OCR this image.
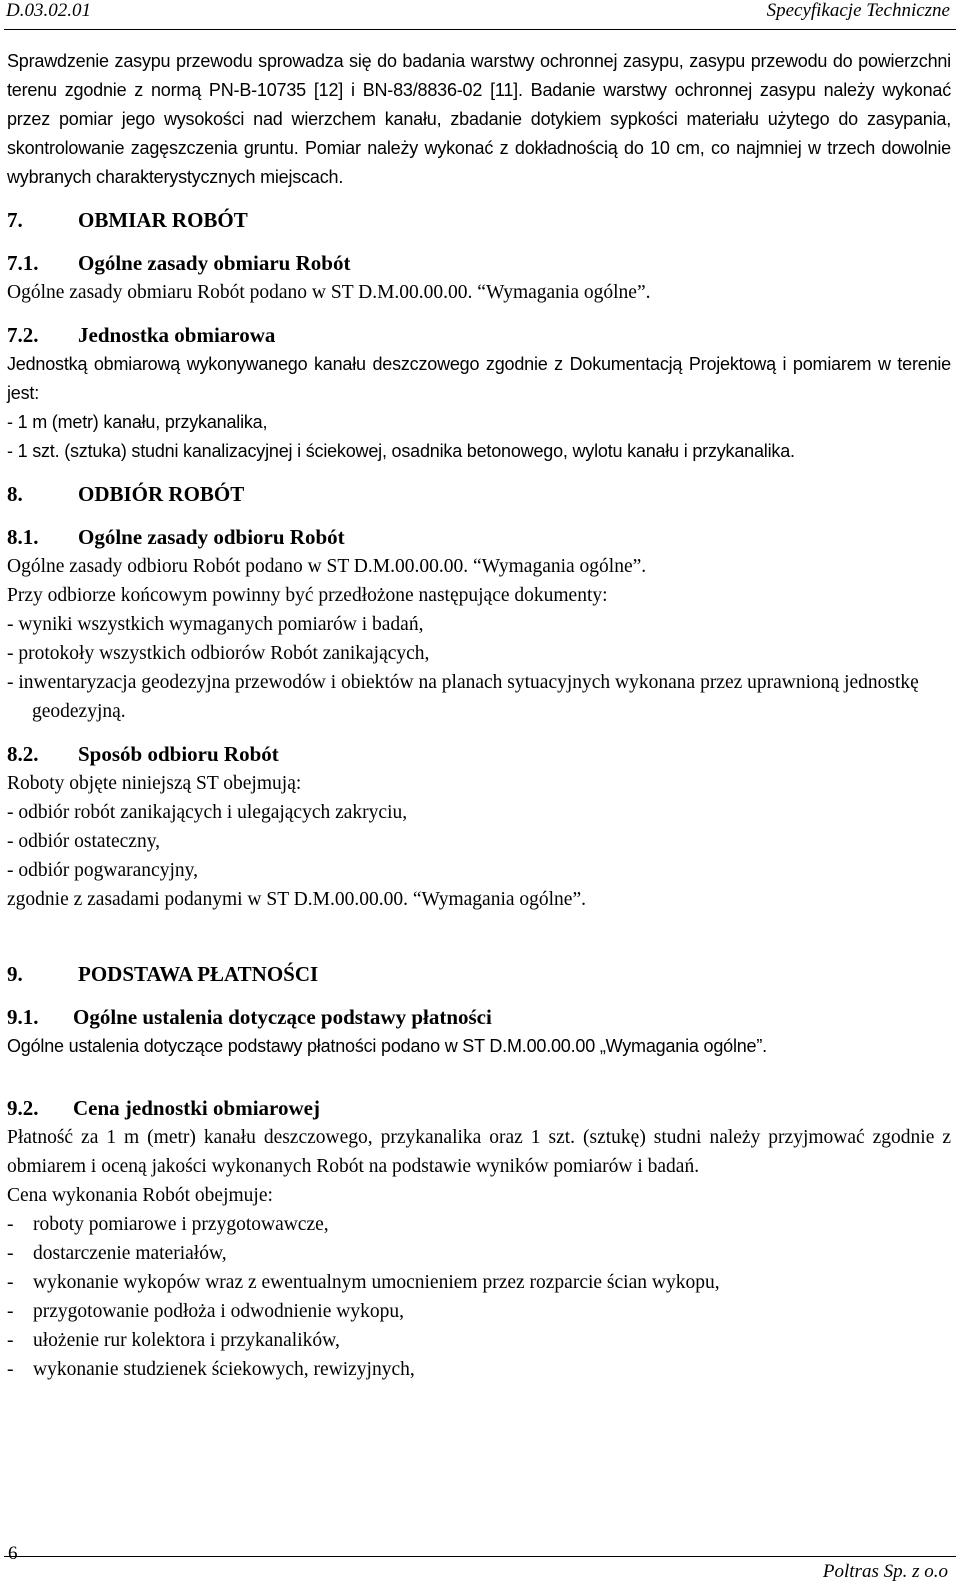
D.03.02.01	Specyfikacje Techniczne

Sprawdzenie zasypu przewodu sprowadza się do badania warstwy ochronnej zasypu, zasypu przewodu do powierzchni terenu zgodnie z normą PN-B-10735 [12] i BN-83/8836-02 [11]. Badanie warstwy ochronnej zasypu należy wykonać przez pomiar jego wysokości nad wierzchem kanału, zbadanie dotykiem sypkości materiału użytego do zasypania, skontrolowanie zagęszczenia gruntu. Pomiar należy wykonać z dokładnością do 10 cm, co najmniej w trzech dowolnie wybranych charakterystycznych miejscach.

7.	OBMIAR ROBÓT
7.1.	Ogólne zasady obmiaru Robót

Ogólne zasady obmiaru Robót podano w ST D.M.00.00.00. “Wymagania ogólne”.

7.2.	Jednostka obmiarowa

Jednostką obmiarową wykonywanego kanału deszczowego zgodnie z Dokumentacją Projektową i pomiarem w terenie jest:

- 1 m (metr) kanału, przykanalika,

- 1 szt. (sztuka) studni kanalizacyjnej i ściekowej, osadnika betonowego, wylotu kanału i przykanalika.

8.	ODBIÓR ROBÓT
8.1.	Ogólne zasady odbioru Robót

Ogólne zasady odbioru Robót podano w ST D.M.00.00.00. “Wymagania ogólne”.

Przy odbiorze końcowym powinny być przedłożone następujące dokumenty:

- wyniki wszystkich wymaganych pomiarów i badań,

- protokoły wszystkich odbiorów Robót zanikających,

- inwentaryzacja geodezyjna przewodów i obiektów na planach sytuacyjnych wykonana przez uprawnioną jednostkę geodezyjną.

8.2.	Sposób odbioru Robót

Roboty objęte niniejszą ST obejmują:

- odbiór robót zanikających i ulegających zakryciu,

- odbiór ostateczny,

- odbiór pogwarancyjny,

zgodnie z zasadami podanymi w ST D.M.00.00.00. “Wymagania ogólne”.

9.	PODSTAWA PŁATNOŚCI
9.1.	Ogólne ustalenia dotyczące podstawy płatności

Ogólne ustalenia dotyczące podstawy płatności podano w ST D.M.00.00.00 „Wymagania ogólne”.

9.2.	Cena jednostki obmiarowej

Płatność za 1 m (metr) kanału deszczowego, przykanalika oraz 1 szt. (sztukę) studni należy przyjmować zgodnie z obmiarem i oceną jakości wykonanych Robót na podstawie wyników pomiarów i badań.

Cena wykonania Robót obejmuje:

-	roboty pomiarowe i przygotowawcze,
-	dostarczenie materiałów,
-	wykonanie wykopów wraz z ewentualnym umocnieniem przez rozparcie ścian wykopu,
-	przygotowanie podłoża i odwodnienie wykopu,
-	ułożenie rur kolektora i przykanalików,
-	wykonanie studzienek ściekowych, rewizyjnych,
6
Poltras Sp. z o.o
